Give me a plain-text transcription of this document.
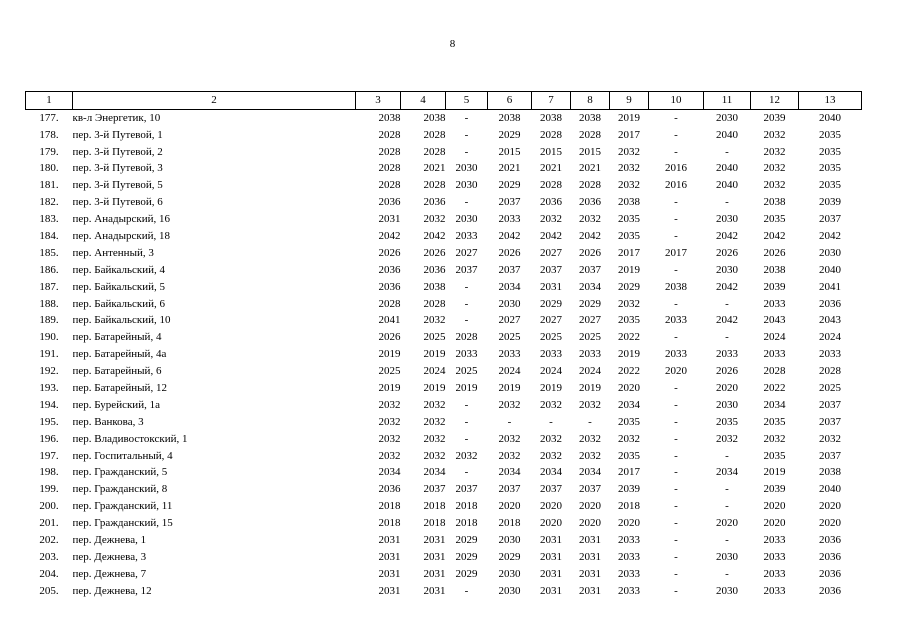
8
1	2	3	4	5	6	7	8	9	10	11	12	13
177.	кв-л Энергетик, 10	2038	2038	-	2038	2038	2038	2019	-	2030	2039	2040
178.	пер. 3-й Путевой, 1	2028	2028	-	2029	2028	2028	2017	-	2040	2032	2035
179.	пер. 3-й Путевой, 2	2028	2028	-	2015	2015	2015	2032	-	-	2032	2035
180.	пер. 3-й Путевой, 3	2028	2021	2030	2021	2021	2021	2032	2016	2040	2032	2035
181.	пер. 3-й Путевой, 5	2028	2028	2030	2029	2028	2028	2032	2016	2040	2032	2035
182.	пер. 3-й Путевой, 6	2036	2036	-	2037	2036	2036	2038	-	-	2038	2039
183.	пер. Анадырский, 16	2031	2032	2030	2033	2032	2032	2035	-	2030	2035	2037
184.	пер. Анадырский, 18	2042	2042	2033	2042	2042	2042	2035	-	2042	2042	2042
185.	пер. Антенный, 3	2026	2026	2027	2026	2027	2026	2017	2017	2026	2026	2030
186.	пер. Байкальский, 4	2036	2036	2037	2037	2037	2037	2019	-	2030	2038	2040
187.	пер. Байкальский, 5	2036	2038	-	2034	2031	2034	2029	2038	2042	2039	2041
188.	пер. Байкальский, 6	2028	2028	-	2030	2029	2029	2032	-	-	2033	2036
189.	пер. Байкальский, 10	2041	2032	-	2027	2027	2027	2035	2033	2042	2043	2043
190.	пер. Батарейный, 4	2026	2025	2028	2025	2025	2025	2022	-	-	2024	2024
191.	пер. Батарейный, 4а	2019	2019	2033	2033	2033	2033	2019	2033	2033	2033	2033
192.	пер. Батарейный, 6	2025	2024	2025	2024	2024	2024	2022	2020	2026	2028	2028
193.	пер. Батарейный, 12	2019	2019	2019	2019	2019	2019	2020	-	2020	2022	2025
194.	пер. Бурейский, 1а	2032	2032	-	2032	2032	2032	2034	-	2030	2034	2037
195.	пер. Ванкова, 3	2032	2032	-	-	-	-	2035	-	2035	2035	2037
196.	пер. Владивостокский, 1	2032	2032	-	2032	2032	2032	2032	-	2032	2032	2032
197.	пер. Госпитальный, 4	2032	2032	2032	2032	2032	2032	2035	-	-	2035	2037
198.	пер. Гражданский, 5	2034	2034	-	2034	2034	2034	2017	-	2034	2019	2038
199.	пер. Гражданский, 8	2036	2037	2037	2037	2037	2037	2039	-	-	2039	2040
200.	пер. Гражданский, 11	2018	2018	2018	2020	2020	2020	2018	-	-	2020	2020
201.	пер. Гражданский, 15	2018	2018	2018	2018	2020	2020	2020	-	2020	2020	2020
202.	пер. Дежнева, 1	2031	2031	2029	2030	2031	2031	2033	-	-	2033	2036
203.	пер. Дежнева, 3	2031	2031	2029	2029	2031	2031	2033	-	2030	2033	2036
204.	пер. Дежнева, 7	2031	2031	2029	2030	2031	2031	2033	-	-	2033	2036
205.	пер. Дежнева, 12	2031	2031	-	2030	2031	2031	2033	-	2030	2033	2036
